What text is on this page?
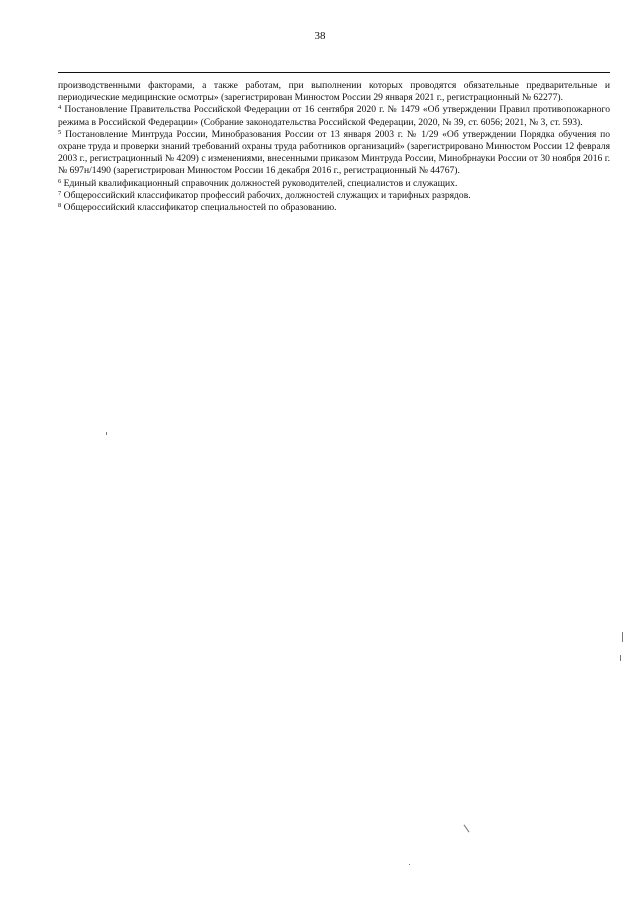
38

производственными факторами, а также работам, при выполнении которых проводятся обязательные предварительные и периодические медицинские осмотры» (зарегистрирован Минюстом России 29 января 2021 г., регистрационный № 62277).

$^4$ Постановление Правительства Российской Федерации от 16 сентября 2020 г. № 1479 «Об утверждении Правил противопожарного режима в Российской Федерации» (Собрание законодательства Российской Федерации, 2020, № 39, ст. 6056; 2021, № 3, ст. 593).

$^5$ Постановление Минтруда России, Минобразования России от 13 января 2003 г. № 1/29 «Об утверждении Порядка обучения по охране труда и проверки знаний требований охраны труда работников организаций» (зарегистрировано Минюстом России 12 февраля 2003 г., регистрационный № 4209) с изменениями, внесенными приказом Минтруда России, Минобрнауки России от 30 ноября 2016 г. № 697н/1490 (зарегистрирован Минюстом России 16 декабря 2016 г., регистрационный № 44767).

$^6$ Единый квалификационный справочник должностей руководителей, специалистов и служащих.

$^7$ Общероссийский классификатор профессий рабочих, должностей служащих и тарифных разрядов.

$^8$ Общероссийский классификатор специальностей по образованию.
